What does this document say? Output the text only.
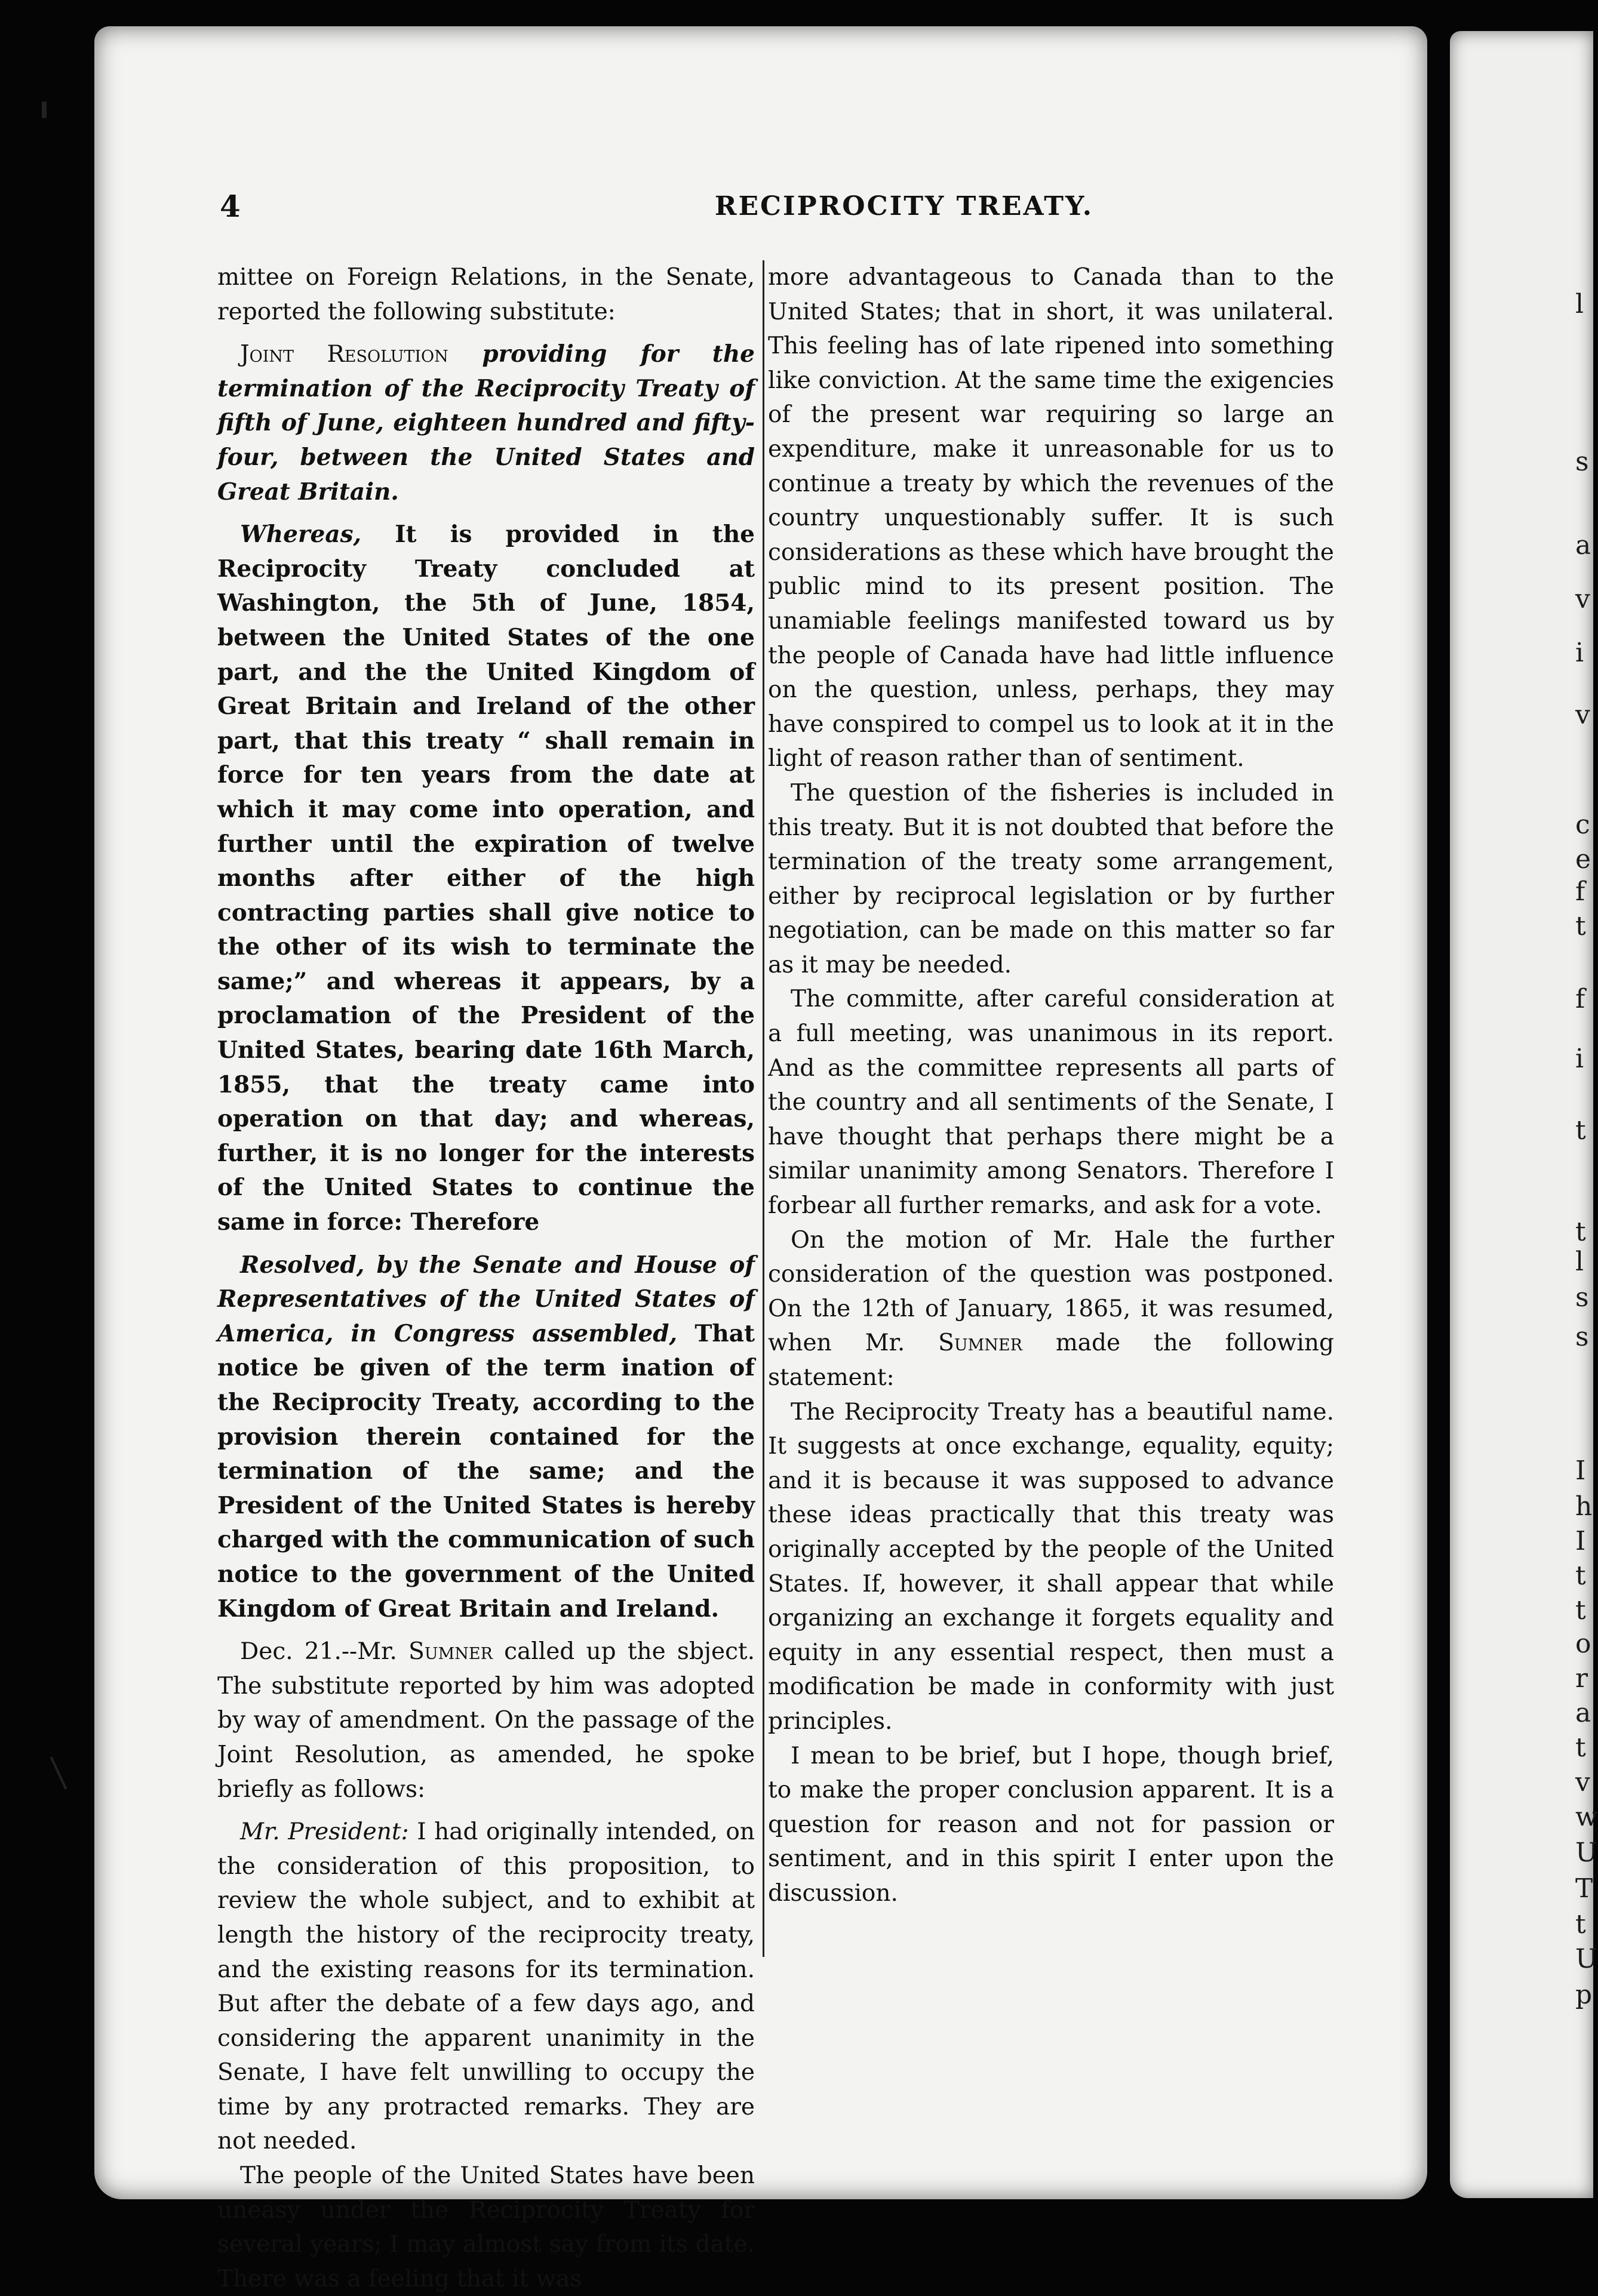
4	RECIPROCITY TREATY.

mittee on Foreign Relations, in the Senate, reported the following substitute:

Joint Resolution providing for the termination of the Reciprocity Treaty of fifth of June, eighteen hundred and fifty-four, between the United States and Great Britain.

Whereas, It is provided in the Reciprocity Treaty concluded at Washington, the 5th of June, 1854, between the United States of the one part, and the the United Kingdom of Great Britain and Ireland of the other part, that this treaty “ shall remain in force for ten years from the date at which it may come into operation, and further until the expiration of twelve months after either of the high contracting parties shall give notice to the other of its wish to terminate the same;” and whereas it appears, by a proclamation of the President of the United States, bearing date 16th March, 1855, that the treaty came into operation on that day; and whereas, further, it is no longer for the interests of the United States to continue the same in force: Therefore

Resolved, by the Senate and House of Representatives of the United States of America, in Congress assembled, That notice be given of the term ination of the Reciprocity Treaty, according to the provision therein contained for the termination of the same; and the President of the United States is hereby charged with the communication of such notice to the government of the United Kingdom of Great Britain and Ireland.

Dec. 21.--Mr. Sumner called up the sbject. The substitute reported by him was adopted by way of amendment. On the passage of the Joint Resolution, as amended, he spoke briefly as follows:

Mr. President: I had originally intended, on the consideration of this proposition, to review the whole subject, and to exhibit at length the history of the reciprocity treaty, and the existing reasons for its termination. But after the debate of a few days ago, and considering the apparent unanimity in the Senate, I have felt unwilling to occupy the time by any protracted remarks. They are not needed.

The people of the United States have been uneasy under the Reciprocity Treaty for several years; I may almost say from its date. There was a feeling that it was

more advantageous to Canada than to the United States; that in short, it was unilateral. This feeling has of late ripened into something like conviction. At the same time the exigencies of the present war requiring so large an expenditure, make it unreasonable for us to continue a treaty by which the revenues of the country unquestionably suffer. It is such considerations as these which have brought the public mind to its present position. The unamiable feelings manifested toward us by the people of Canada have had little influence on the question, unless, perhaps, they may have conspired to compel us to look at it in the light of reason rather than of sentiment.

The question of the fisheries is included in this treaty. But it is not doubted that before the termination of the treaty some arrangement, either by reciprocal legislation or by further negotiation, can be made on this matter so far as it may be needed.

The committe, after careful consideration at a full meeting, was unanimous in its report. And as the committee represents all parts of the country and all sentiments of the Senate, I have thought that perhaps there might be a similar unanimity among Senators. Therefore I forbear all further remarks, and ask for a vote.

On the motion of Mr. Hale the further consideration of the question was postponed. On the 12th of January, 1865, it was resumed, when Mr. Sumner made the following statement:

The Reciprocity Treaty has a beautiful name. It suggests at once exchange, equality, equity; and it is because it was supposed to advance these ideas practically that this treaty was originally accepted by the people of the United States. If, however, it shall appear that while organizing an exchange it forgets equality and equity in any essential respect, then must a modification be made in conformity with just principles.

I mean to be brief, but I hope, though brief, to make the proper conclusion apparent. It is a question for reason and not for passion or sentiment, and in this spirit I enter upon the discussion.

l
s
a
v
i
v
c
e
f
t
f
i
t
t
l
s
s
I
h
I
t
t
o
r
a
t
v
w
U
T
t
U
p
